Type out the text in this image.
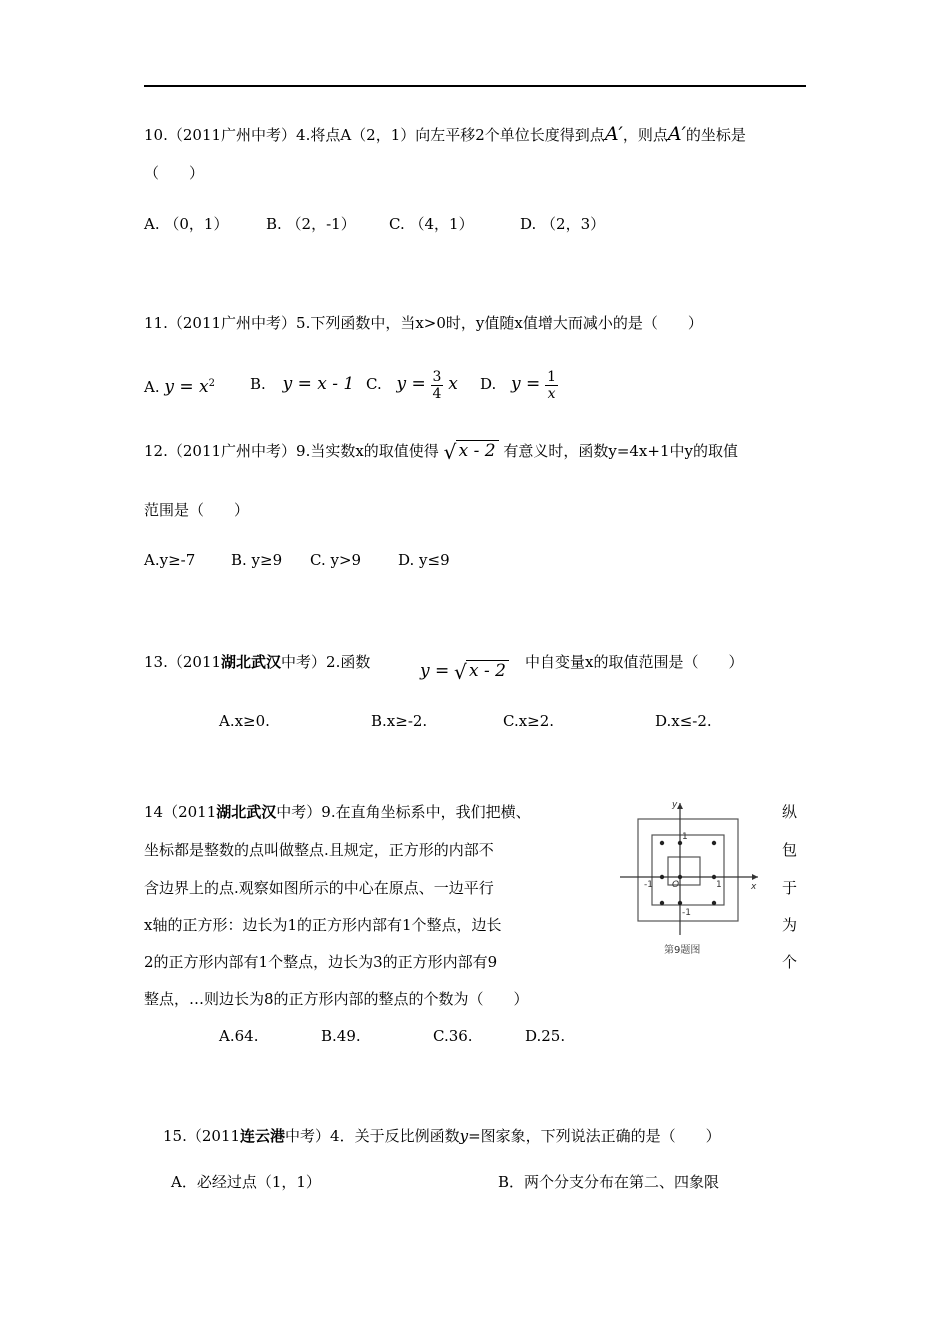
10.（2011广州中考）4.将点A（2，1）向左平移2个单位长度得到点A′，则点A′的坐标是
（　　）
A. （0，1）	B. （2，-1） C. （4，1）	D. （2，3）
11.（2011广州中考）5.下列函数中，当x>0时，y值随x值增大而减小的是（　　）
A. $y = x^2$ B. y = x - 1 C. $y = \frac{3}{4}$ x D. $y = \frac{1}{x}$
12.（2011广州中考）9.当实数x的取值使得 √ x - 2 有意义时，函数y=4x+1中y的取值
范围是（　　）
A.y≥-7 B. y≥9 C. y>9 D. y≤9
13.（2011湖北武汉中考）2.函数	y = √ x - 2 中自变量x的取值范围是（　　）
A.x≥0.	B.x≥-2.	C.x≥2.	D.x≤-2.
14（2011湖北武汉中考）9.在直角坐标系中，我们把横、
坐标都是整数的点叫做整点.且规定，正方形的内部不
含边界上的点.观察如图所示的中心在原点、一边平行
x轴的正方形：边长为1的正方形内部有1个整点，边长
2的正方形内部有1个整点，边长为3的正方形内部有9
整点，…则边长为8的正方形内部的整点的个数为（　　）
纵
包
于
为
个
A.64.	B.49.	C.36.	D.25.
y
x
O
1
-1	1
-1
第9题图
15.（2011连云港中考）4．关于反比例函数y=图家象，下列说法正确的是（　　）
A．必经过点（1，1）	B．两个分支分布在第二、四象限
